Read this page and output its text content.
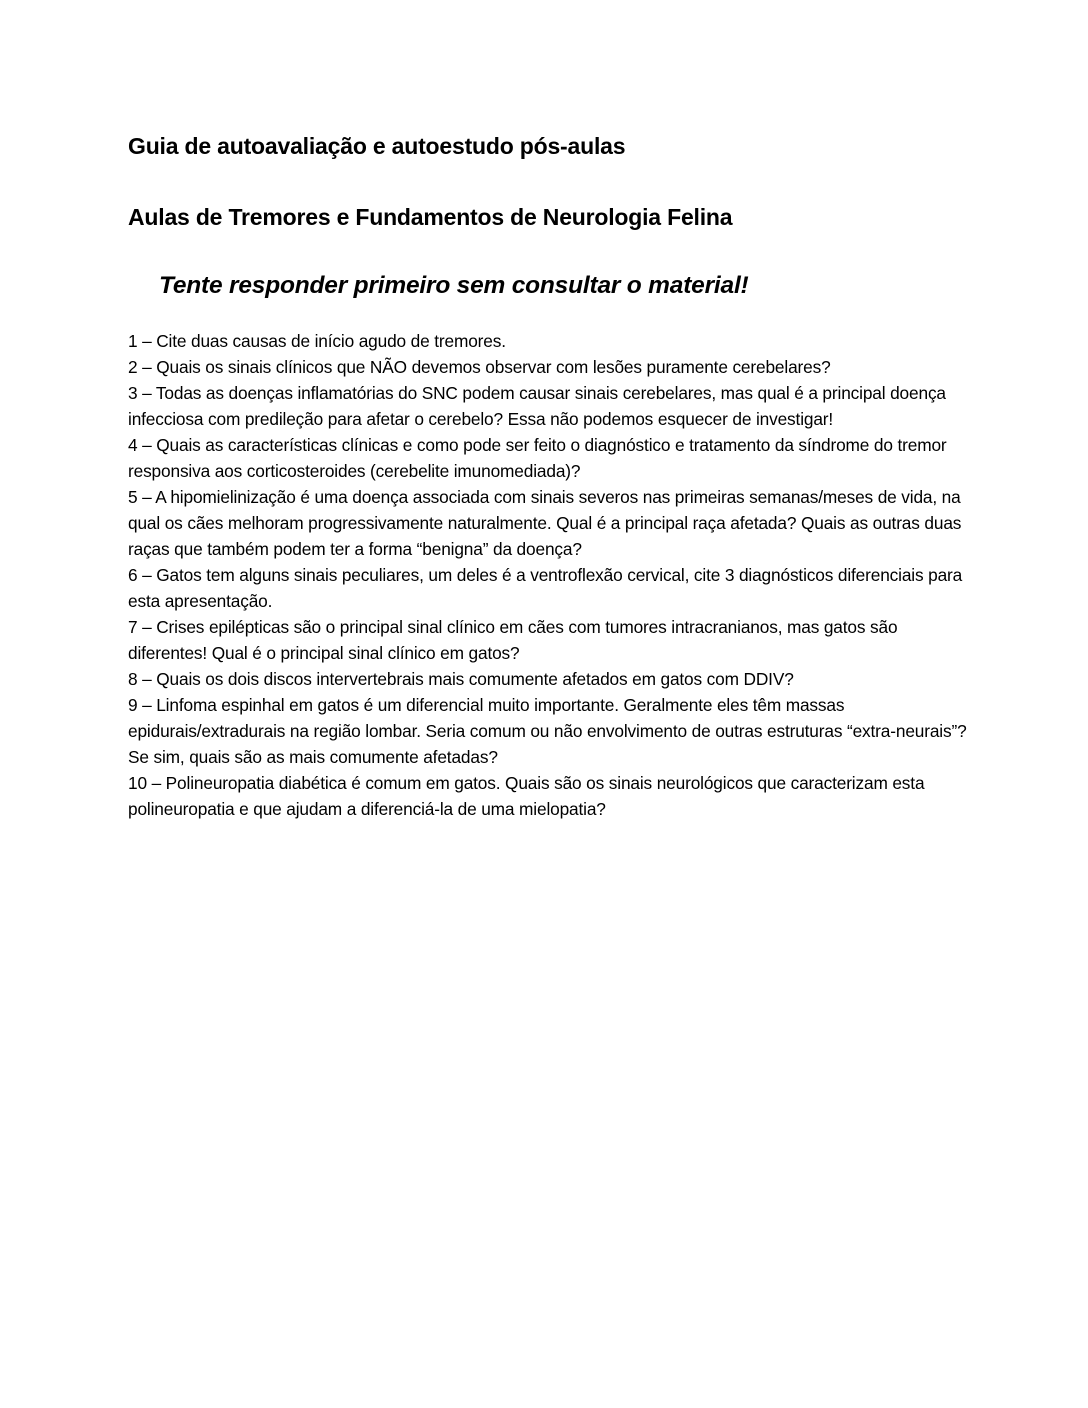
Guia de autoavaliação e autoestudo pós-aulas
Aulas de Tremores e Fundamentos de Neurologia Felina
Tente responder primeiro sem consultar o material!
1 – Cite duas causas de início agudo de tremores.
2 – Quais os sinais clínicos que NÃO devemos observar com lesões puramente cerebelares?
3 – Todas as doenças inflamatórias do SNC podem causar sinais cerebelares, mas qual é a principal doença infecciosa com predileção para afetar o cerebelo? Essa não podemos esquecer de investigar!
4 – Quais as características clínicas e como pode ser feito o diagnóstico e tratamento da síndrome do tremor responsiva aos corticosteroides (cerebelite imunomediada)?
5 – A hipomielinização é uma doença associada com sinais severos nas primeiras semanas/meses de vida, na qual os cães melhoram progressivamente naturalmente. Qual é a principal raça afetada? Quais as outras duas raças que também podem ter a forma “benigna” da doença?
6 – Gatos tem alguns sinais peculiares, um deles é a ventroflexão cervical, cite 3 diagnósticos diferenciais para esta apresentação.
7 – Crises epilépticas são o principal sinal clínico em cães com tumores intracranianos, mas gatos são diferentes! Qual é o principal sinal clínico em gatos?
8 – Quais os dois discos intervertebrais mais comumente afetados em gatos com DDIV?
9 – Linfoma espinhal em gatos é um diferencial muito importante. Geralmente eles têm massas epidurais/extradurais na região lombar. Seria comum ou não envolvimento de outras estruturas “extra-neurais”? Se sim, quais são as mais comumente afetadas?
10 – Polineuropatia diabética é comum em gatos. Quais são os sinais neurológicos que caracterizam esta polineuropatia e que ajudam a diferenciá-la de uma mielopatia?
